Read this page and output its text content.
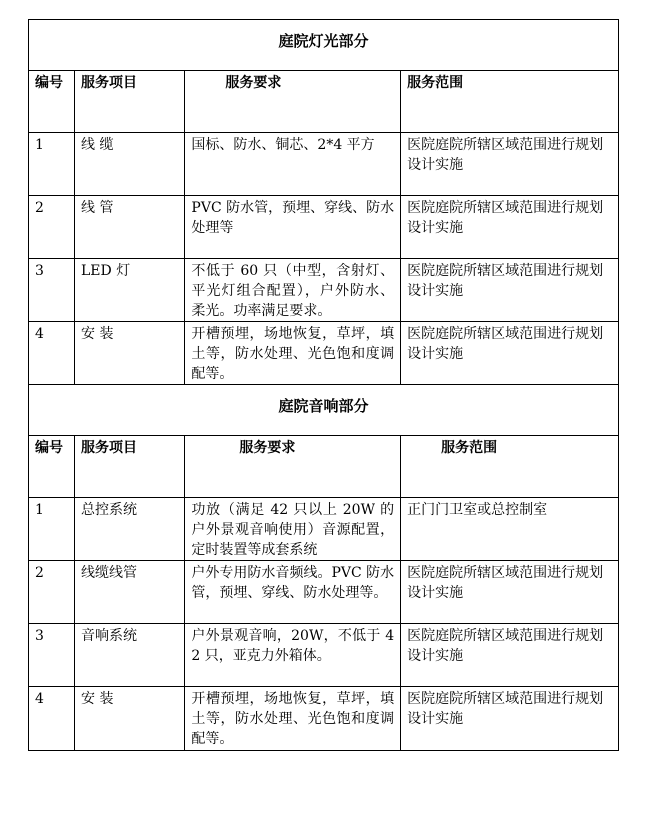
庭院灯光部分			
编号	服务项目	服务要求	服务范围
1	线 缆	国标、防水、铜芯、2*4 平方	医院庭院所辖区域范围进行规划设计实施
2	线 管	PVC 防水管，预埋、穿线、防水处理等	医院庭院所辖区域范围进行规划设计实施
3	LED 灯	不低于 60 只（中型，含射灯、平光灯组合配置），户外防水、柔光。功率满足要求。	医院庭院所辖区域范围进行规划设计实施
4	安 装	开槽预埋，场地恢复，草坪，填土等，防水处理、光色饱和度调配等。	医院庭院所辖区域范围进行规划设计实施
庭院音响部分			
编号	服务项目	服务要求	服务范围
1	总控系统	功放（满足 42 只以上 20W 的户外景观音响使用）音源配置，定时装置等成套系统	正门门卫室或总控制室
2	线缆线管	户外专用防水音频线。PVC 防水管，预埋、穿线、防水处理等。	医院庭院所辖区域范围进行规划设计实施
3	音响系统	户外景观音响，20W，不低于 42 只，亚克力外箱体。	医院庭院所辖区域范围进行规划设计实施
4	安 装	开槽预埋，场地恢复，草坪，填土等，防水处理、光色饱和度调配等。	医院庭院所辖区域范围进行规划设计实施
